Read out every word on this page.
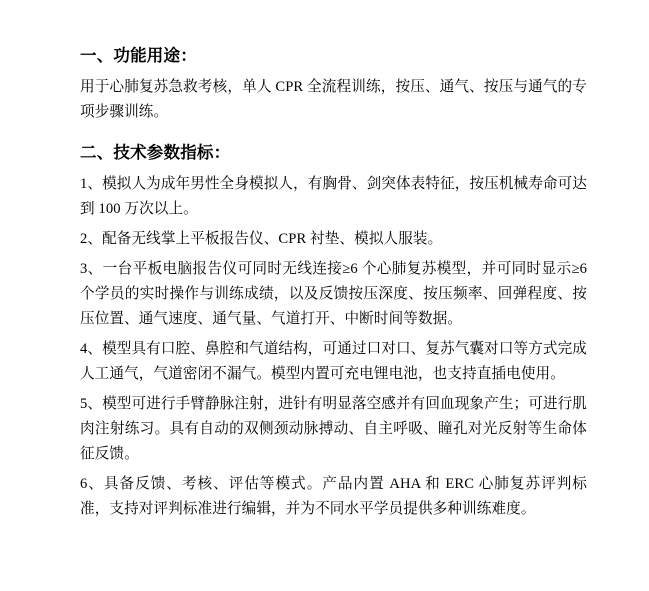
一、功能用途：

用于心肺复苏急救考核，单人 CPR 全流程训练，按压、通气、按压与通气的专项步骤训练。

二、技术参数指标：

1、模拟人为成年男性全身模拟人，有胸骨、剑突体表特征，按压机械寿命可达到 100 万次以上。

2、配备无线掌上平板报告仪、CPR 衬垫、模拟人服装。

3、一台平板电脑报告仪可同时无线连接≥6 个心肺复苏模型，并可同时显示≥6 个学员的实时操作与训练成绩，以及反馈按压深度、按压频率、回弹程度、按压位置、通气速度、通气量、气道打开、中断时间等数据。

4、模型具有口腔、鼻腔和气道结构，可通过口对口、复苏气囊对口等方式完成人工通气，气道密闭不漏气。模型内置可充电锂电池，也支持直插电使用。

5、模型可进行手臂静脉注射，进针有明显落空感并有回血现象产生；可进行肌肉注射练习。具有自动的双侧颈动脉搏动、自主呼吸、瞳孔对光反射等生命体征反馈。

6、具备反馈、考核、评估等模式。产品内置 AHA 和 ERC 心肺复苏评判标准，支持对评判标准进行编辑，并为不同水平学员提供多种训练难度。
